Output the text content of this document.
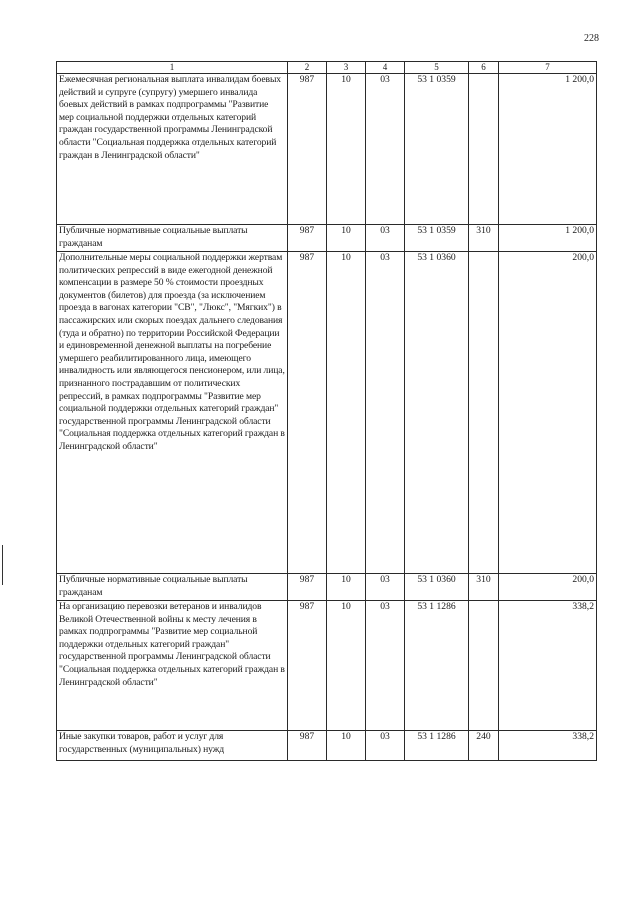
228
1	2	3	4	5	6	7
Ежемесячная региональная выплата инвалидам боевых действий и супруге (супругу) умершего инвалида боевых действий в рамках подпрограммы "Развитие мер социальной поддержки отдельных категорий граждан государственной программы Ленинградской области "Социальная поддержка отдельных категорий граждан в Ленинградской области"	987	10	03	53 1 0359		1 200,0
Публичные нормативные социальные выплаты гражданам	987	10	03	53 1 0359	310	1 200,0
Дополнительные меры социальной поддержки жертвам политических репрессий в виде ежегодной денежной компенсации в размере 50 % стоимости проездных документов (билетов) для проезда (за исключением проезда в вагонах категории "СВ", "Люкс", "Мягких") в пассажирских или скорых поездах дальнего следования (туда и обратно) по территории Российской Федерации и единовременной денежной выплаты на погребение умершего реабилитированного лица, имеющего инвалидность или являющегося пенсионером, или лица, признанного пострадавшим от политических репрессий, в рамках подпрограммы "Развитие мер социальной поддержки отдельных категорий граждан" государственной программы Ленинградской области "Социальная поддержка отдельных категорий граждан в Ленинградской области"	987	10	03	53 1 0360		200,0
Публичные нормативные социальные выплаты гражданам	987	10	03	53 1 0360	310	200,0
На организацию перевозки ветеранов и инвалидов Великой Отечественной войны к месту лечения в рамках подпрограммы "Развитие мер социальной поддержки отдельных категорий граждан" государственной программы Ленинградской области "Социальная поддержка отдельных категорий граждан в Ленинградской области"	987	10	03	53 1 1286		338,2
Иные закупки товаров, работ и услуг для государственных (муниципальных) нужд	987	10	03	53 1 1286	240	338,2
